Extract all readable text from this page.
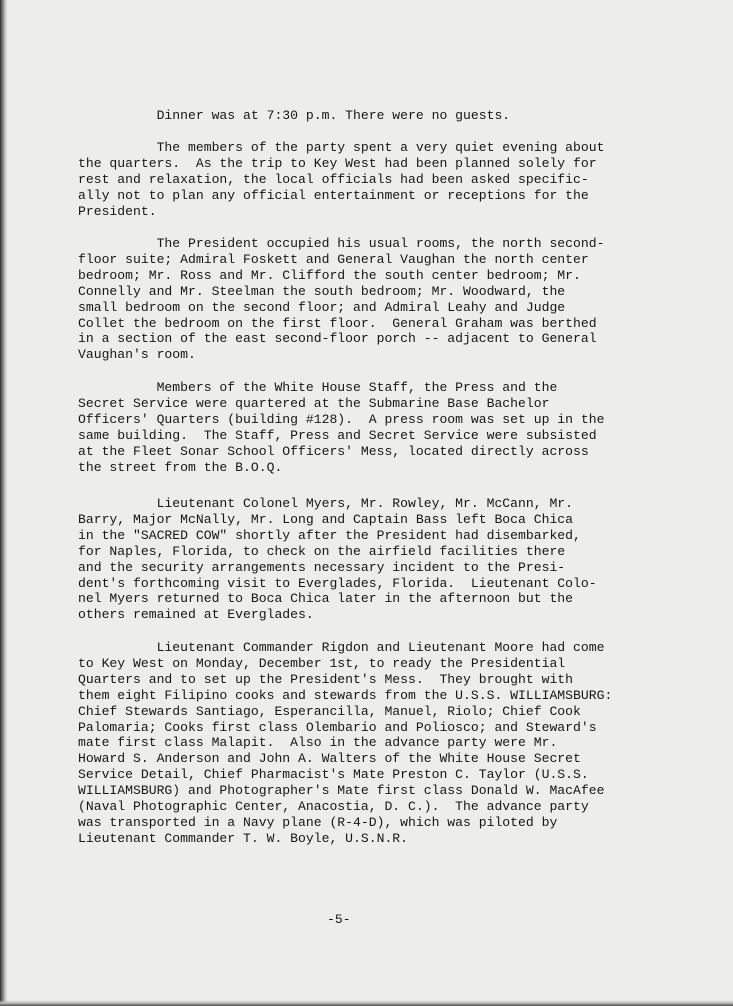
Dinner was at 7:30 p.m. There were no guests.
The members of the party spent a very quiet evening about
the quarters.  As the trip to Key West had been planned solely for
rest and relaxation, the local officials had been asked specific-
ally not to plan any official entertainment or receptions for the
President.
The President occupied his usual rooms, the north second-
floor suite; Admiral Foskett and General Vaughan the north center
bedroom; Mr. Ross and Mr. Clifford the south center bedroom; Mr.
Connelly and Mr. Steelman the south bedroom; Mr. Woodward, the
small bedroom on the second floor; and Admiral Leahy and Judge
Collet the bedroom on the first floor.  General Graham was berthed
in a section of the east second-floor porch -- adjacent to General
Vaughan's room.
Members of the White House Staff, the Press and the
Secret Service were quartered at the Submarine Base Bachelor
Officers' Quarters (building #128).  A press room was set up in the
same building.  The Staff, Press and Secret Service were subsisted
at the Fleet Sonar School Officers' Mess, located directly across
the street from the B.O.Q.
Lieutenant Colonel Myers, Mr. Rowley, Mr. McCann, Mr.
Barry, Major McNally, Mr. Long and Captain Bass left Boca Chica
in the "SACRED COW" shortly after the President had disembarked,
for Naples, Florida, to check on the airfield facilities there
and the security arrangements necessary incident to the Presi-
dent's forthcoming visit to Everglades, Florida.  Lieutenant Colo-
nel Myers returned to Boca Chica later in the afternoon but the
others remained at Everglades.
Lieutenant Commander Rigdon and Lieutenant Moore had come
to Key West on Monday, December 1st, to ready the Presidential
Quarters and to set up the President's Mess.  They brought with
them eight Filipino cooks and stewards from the U.S.S. WILLIAMSBURG:
Chief Stewards Santiago, Esperancilla, Manuel, Riolo; Chief Cook
Palomaria; Cooks first class Olembario and Poliosco; and Steward's
mate first class Malapit.  Also in the advance party were Mr.
Howard S. Anderson and John A. Walters of the White House Secret
Service Detail, Chief Pharmacist's Mate Preston C. Taylor (U.S.S.
WILLIAMSBURG) and Photographer's Mate first class Donald W. MacAfee
(Naval Photographic Center, Anacostia, D. C.).  The advance party
was transported in a Navy plane (R-4-D), which was piloted by
Lieutenant Commander T. W. Boyle, U.S.N.R.
-5-
